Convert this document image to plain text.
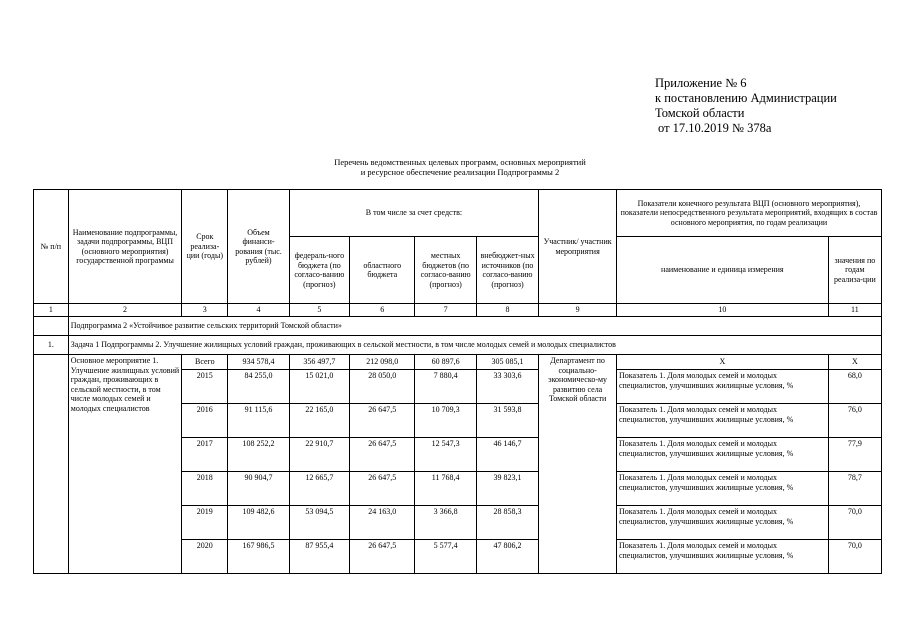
Приложение № 6
к постановлению Администрации
Томской области
от 17.10.2019 № 378а
Перечень ведомственных целевых программ, основных мероприятий
и ресурсное обеспечение реализации Подпрограммы 2
№ п/п	Наименование подпрограммы, задачи подпрограммы, ВЦП (основного мероприятия) государственной программы	Срок реализа-ции (годы)	Объем финанси-рования (тыс. рублей)	В том числе за счет средств:				Участник/ участник мероприятия	Показатели конечного результата ВЦП (основного мероприятия), показатели непосредственного результата мероприятий, входящих в состав основного мероприятия, по годам реализации	
				федераль-ного бюджета (по согласо-ванию (прогноз)	областного бюджета	местных бюджетов (по согласо-ванию (прогноз)	внебюджет-ных источников (по согласо-ванию (прогноз)		наименование и единица измерения	значения по годам реализа-ции
1	2	3	4	5	6	7	8	9	10	11
	Подпрограмма 2 «Устойчивое развитие сельских территорий Томской области»									
1.	Задача 1 Подпрограммы 2. Улучшение жилищных условий граждан, проживающих в сельской местности, в том числе молодых семей и молодых специалистов									
	Основное мероприятие 1. Улучшение жилищных условий граждан, проживающих в сельской местности, в том числе молодых семей и молодых специалистов	Всего	934 578,4	356 497,7	212 098,0	60 897,6	305 085,1	Департамент по социально-экономическо-му развитию села Томской области	X	X
		2015	84 255,0	15 021,0	28 050,0	7 880,4	33 303,6		Показатель 1. Доля молодых семей и молодых специалистов, улучшивших жилищные условия, %	68,0
		2016	91 115,6	22 165,0	26 647,5	10 709,3	31 593,8		Показатель 1. Доля молодых семей и молодых специалистов, улучшивших жилищные условия, %	76,0
		2017	108 252,2	22 910,7	26 647,5	12 547,3	46 146,7		Показатель 1. Доля молодых семей и молодых специалистов, улучшивших жилищные условия, %	77,9
		2018	90 904,7	12 665,7	26 647,5	11 768,4	39 823,1		Показатель 1. Доля молодых семей и молодых специалистов, улучшивших жилищные условия, %	78,7
		2019	109 482,6	53 094,5	24 163,0	3 366,8	28 858,3		Показатель 1. Доля молодых семей и молодых специалистов, улучшивших жилищные условия, %	70,0
		2020	167 986,5	87 955,4	26 647,5	5 577,4	47 806,2		Показатель 1. Доля молодых семей и молодых специалистов, улучшивших жилищные условия, %	70,0
